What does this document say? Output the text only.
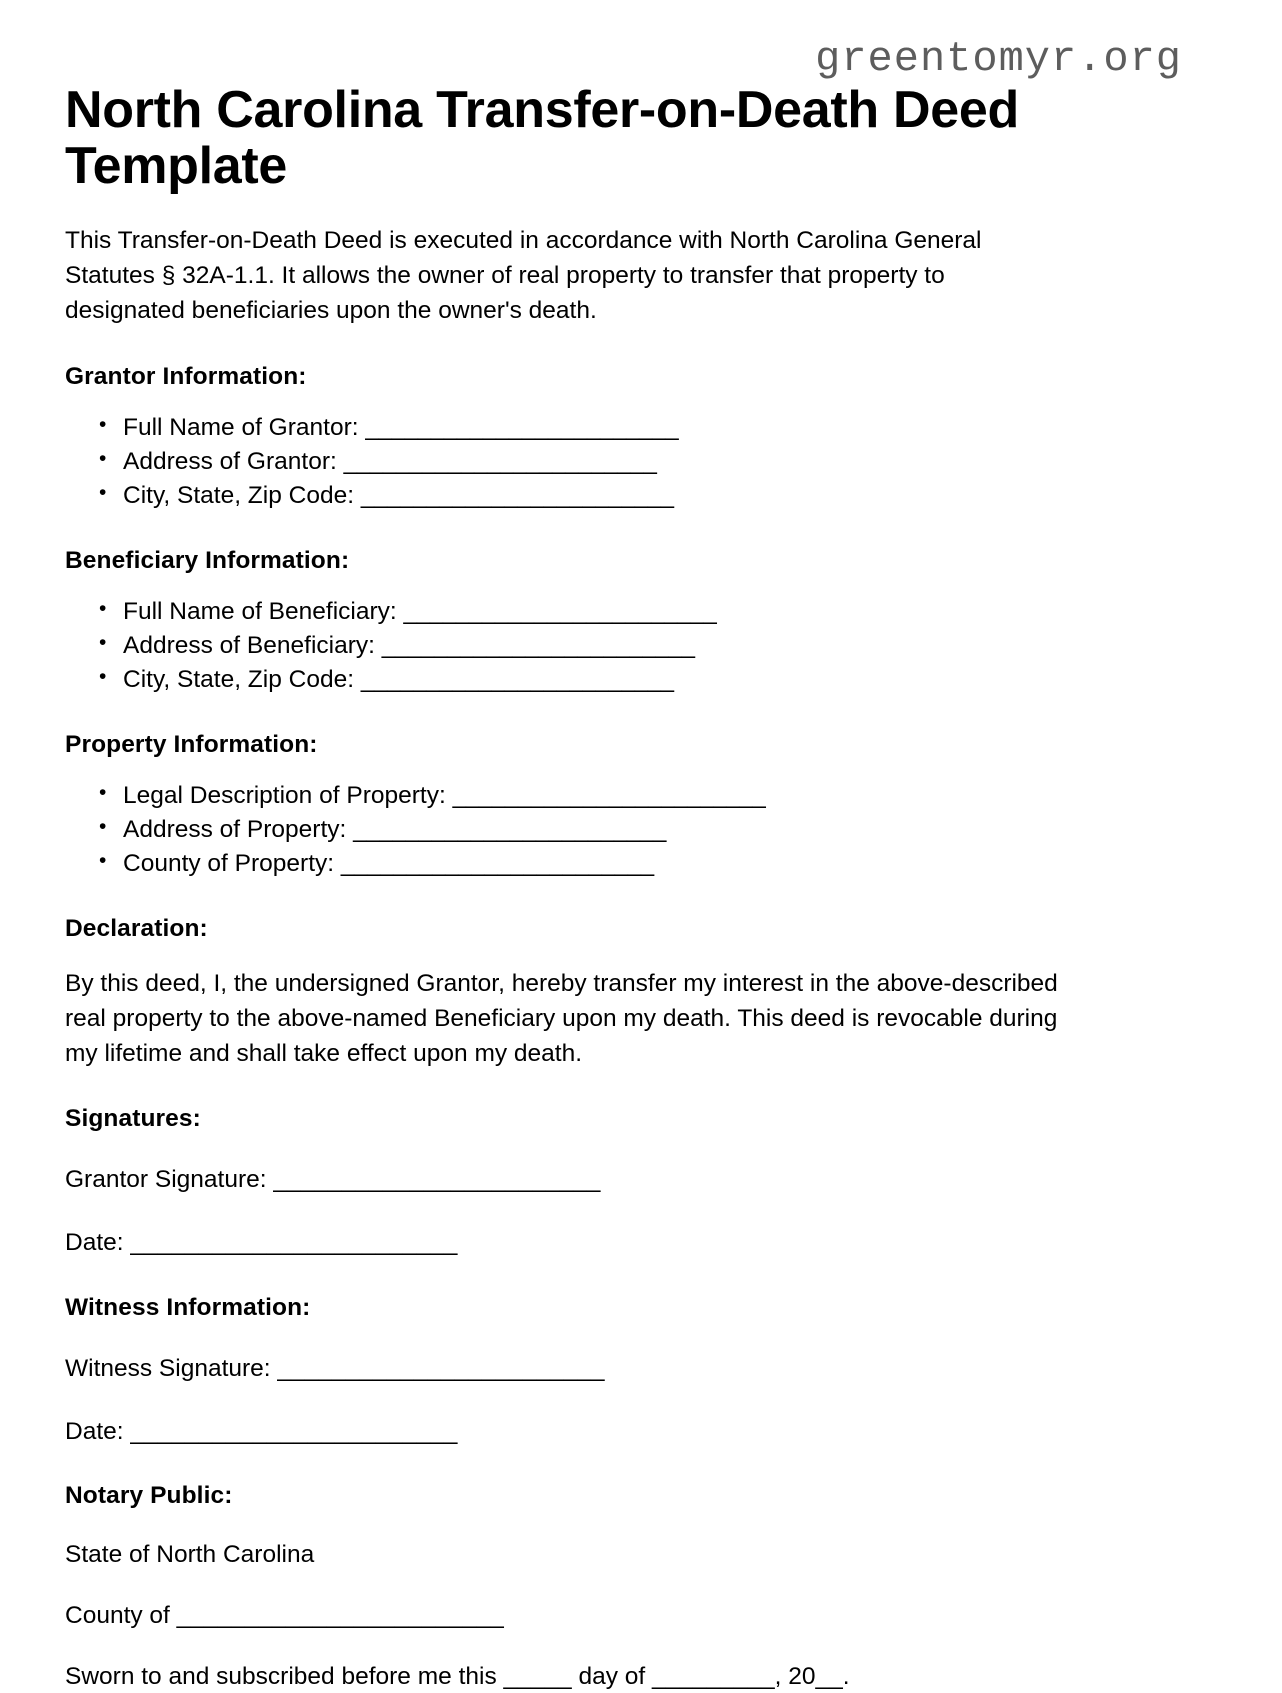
greentomyr.org
North Carolina Transfer-on-Death Deed Template

This Transfer-on-Death Deed is executed in accordance with North Carolina General Statutes § 32A-1.1. It allows the owner of real property to transfer that property to designated beneficiaries upon the owner's death.

Grantor Information:
• Full Name of Grantor: ________________________
• Address of Grantor: ________________________
• City, State, Zip Code: ________________________
Beneficiary Information:
• Full Name of Beneficiary: ________________________
• Address of Beneficiary: ________________________
• City, State, Zip Code: ________________________
Property Information:
• Legal Description of Property: ________________________
• Address of Property: ________________________
• County of Property: ________________________
Declaration:

By this deed, I, the undersigned Grantor, hereby transfer my interest in the above-described real property to the above-named Beneficiary upon my death. This deed is revocable during my lifetime and shall take effect upon my death.

Signatures:

Grantor Signature: ________________________

Date: ________________________

Witness Information:

Witness Signature: ________________________

Date: ________________________

Notary Public:

State of North Carolina

County of ________________________

Sworn to and subscribed before me this _____ day of _________, 20__.
